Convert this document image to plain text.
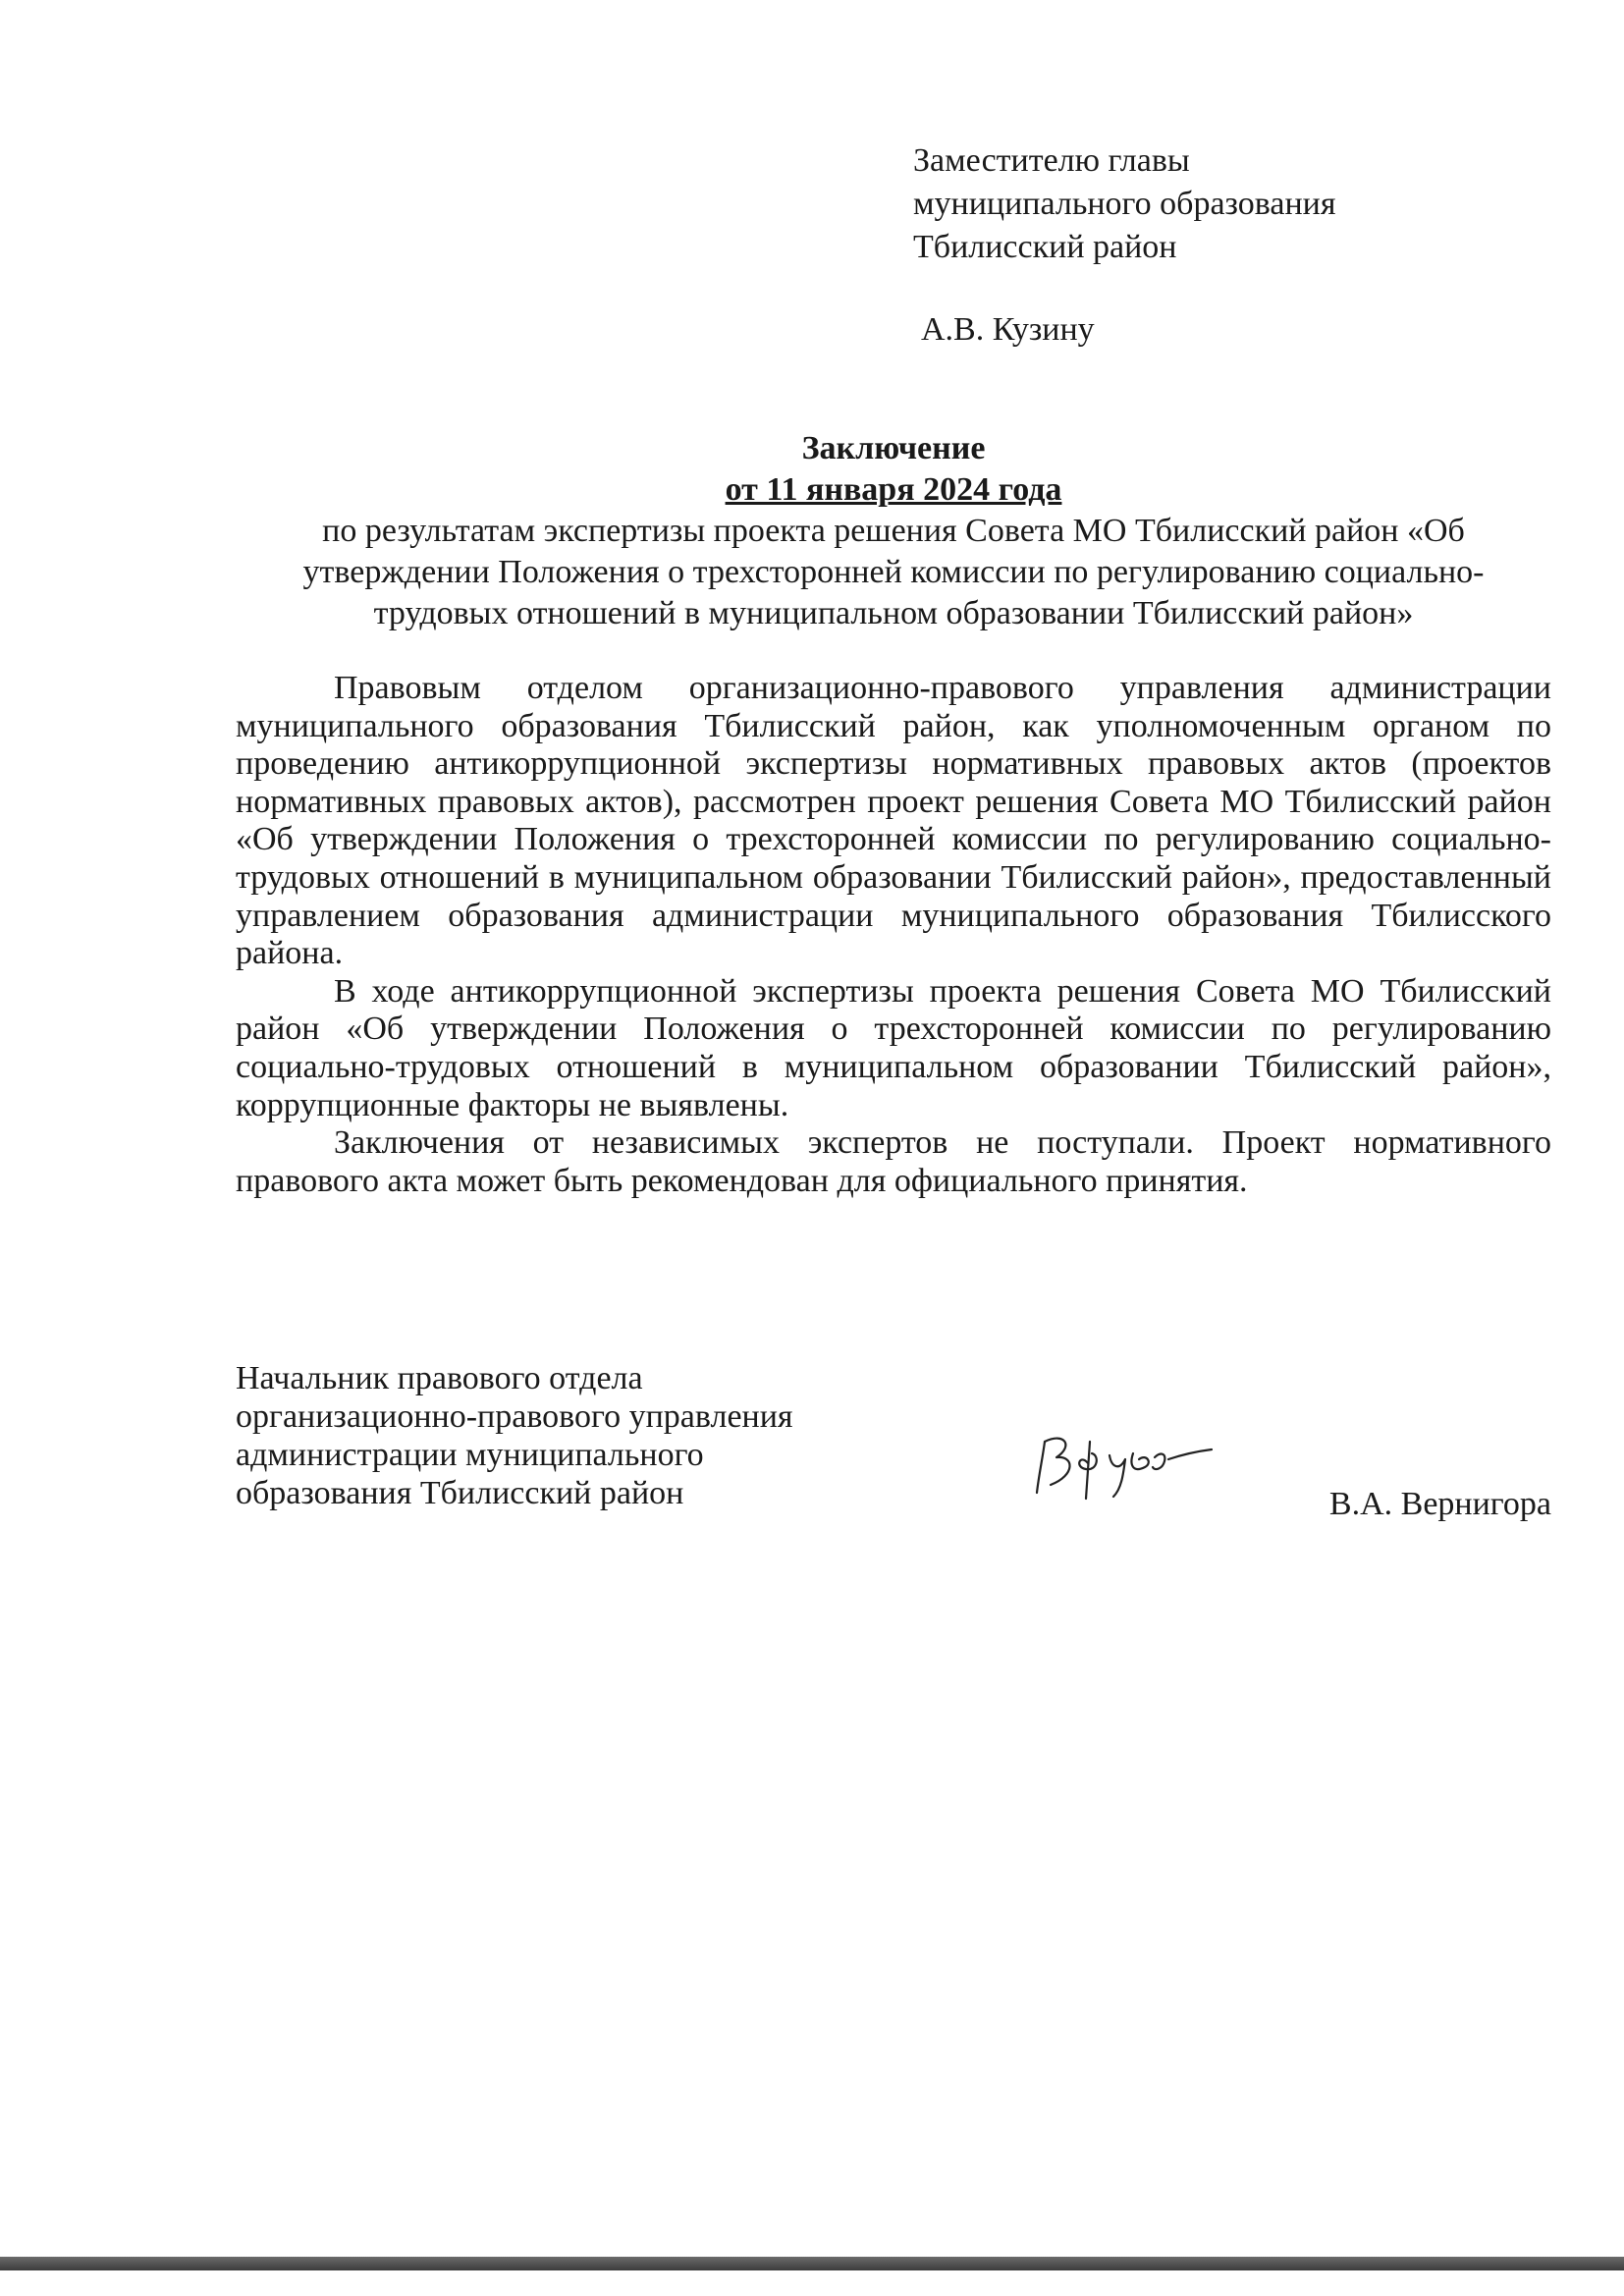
Заместителю главы
муниципального образования
Тбилисский район
А.В. Кузину
Заключение
от 11 января 2024 года
по результатам экспертизы проекта решения Совета МО Тбилисский район «Об утверждении Положения о трехсторонней комиссии по регулированию социально-трудовых отношений в муниципальном образовании Тбилисский район»

Правовым отделом организационно-правового управления администрации муниципального образования Тбилисский район, как уполномоченным органом по проведению антикоррупционной экспертизы нормативных правовых актов (проектов нормативных правовых актов), рассмотрен проект решения Совета МО Тбилисский район «Об утверждении Положения о трехсторонней комиссии по регулированию социально-трудовых отношений в муниципальном образовании Тбилисский район», предоставленный управлением образования администрации муниципального образования Тбилисского района.

В ходе антикоррупционной экспертизы проекта решения Совета МО Тбилисский район «Об утверждении Положения о трехсторонней комиссии по регулированию социально-трудовых отношений в муниципальном образовании Тбилисский район», коррупционные факторы не выявлены.

Заключения от независимых экспертов не поступали. Проект нормативного правового акта может быть рекомендован для официального принятия.

Начальник правового отдела
организационно-правового управления
администрации муниципального
образования Тбилисский район	В.А. Вернигора
